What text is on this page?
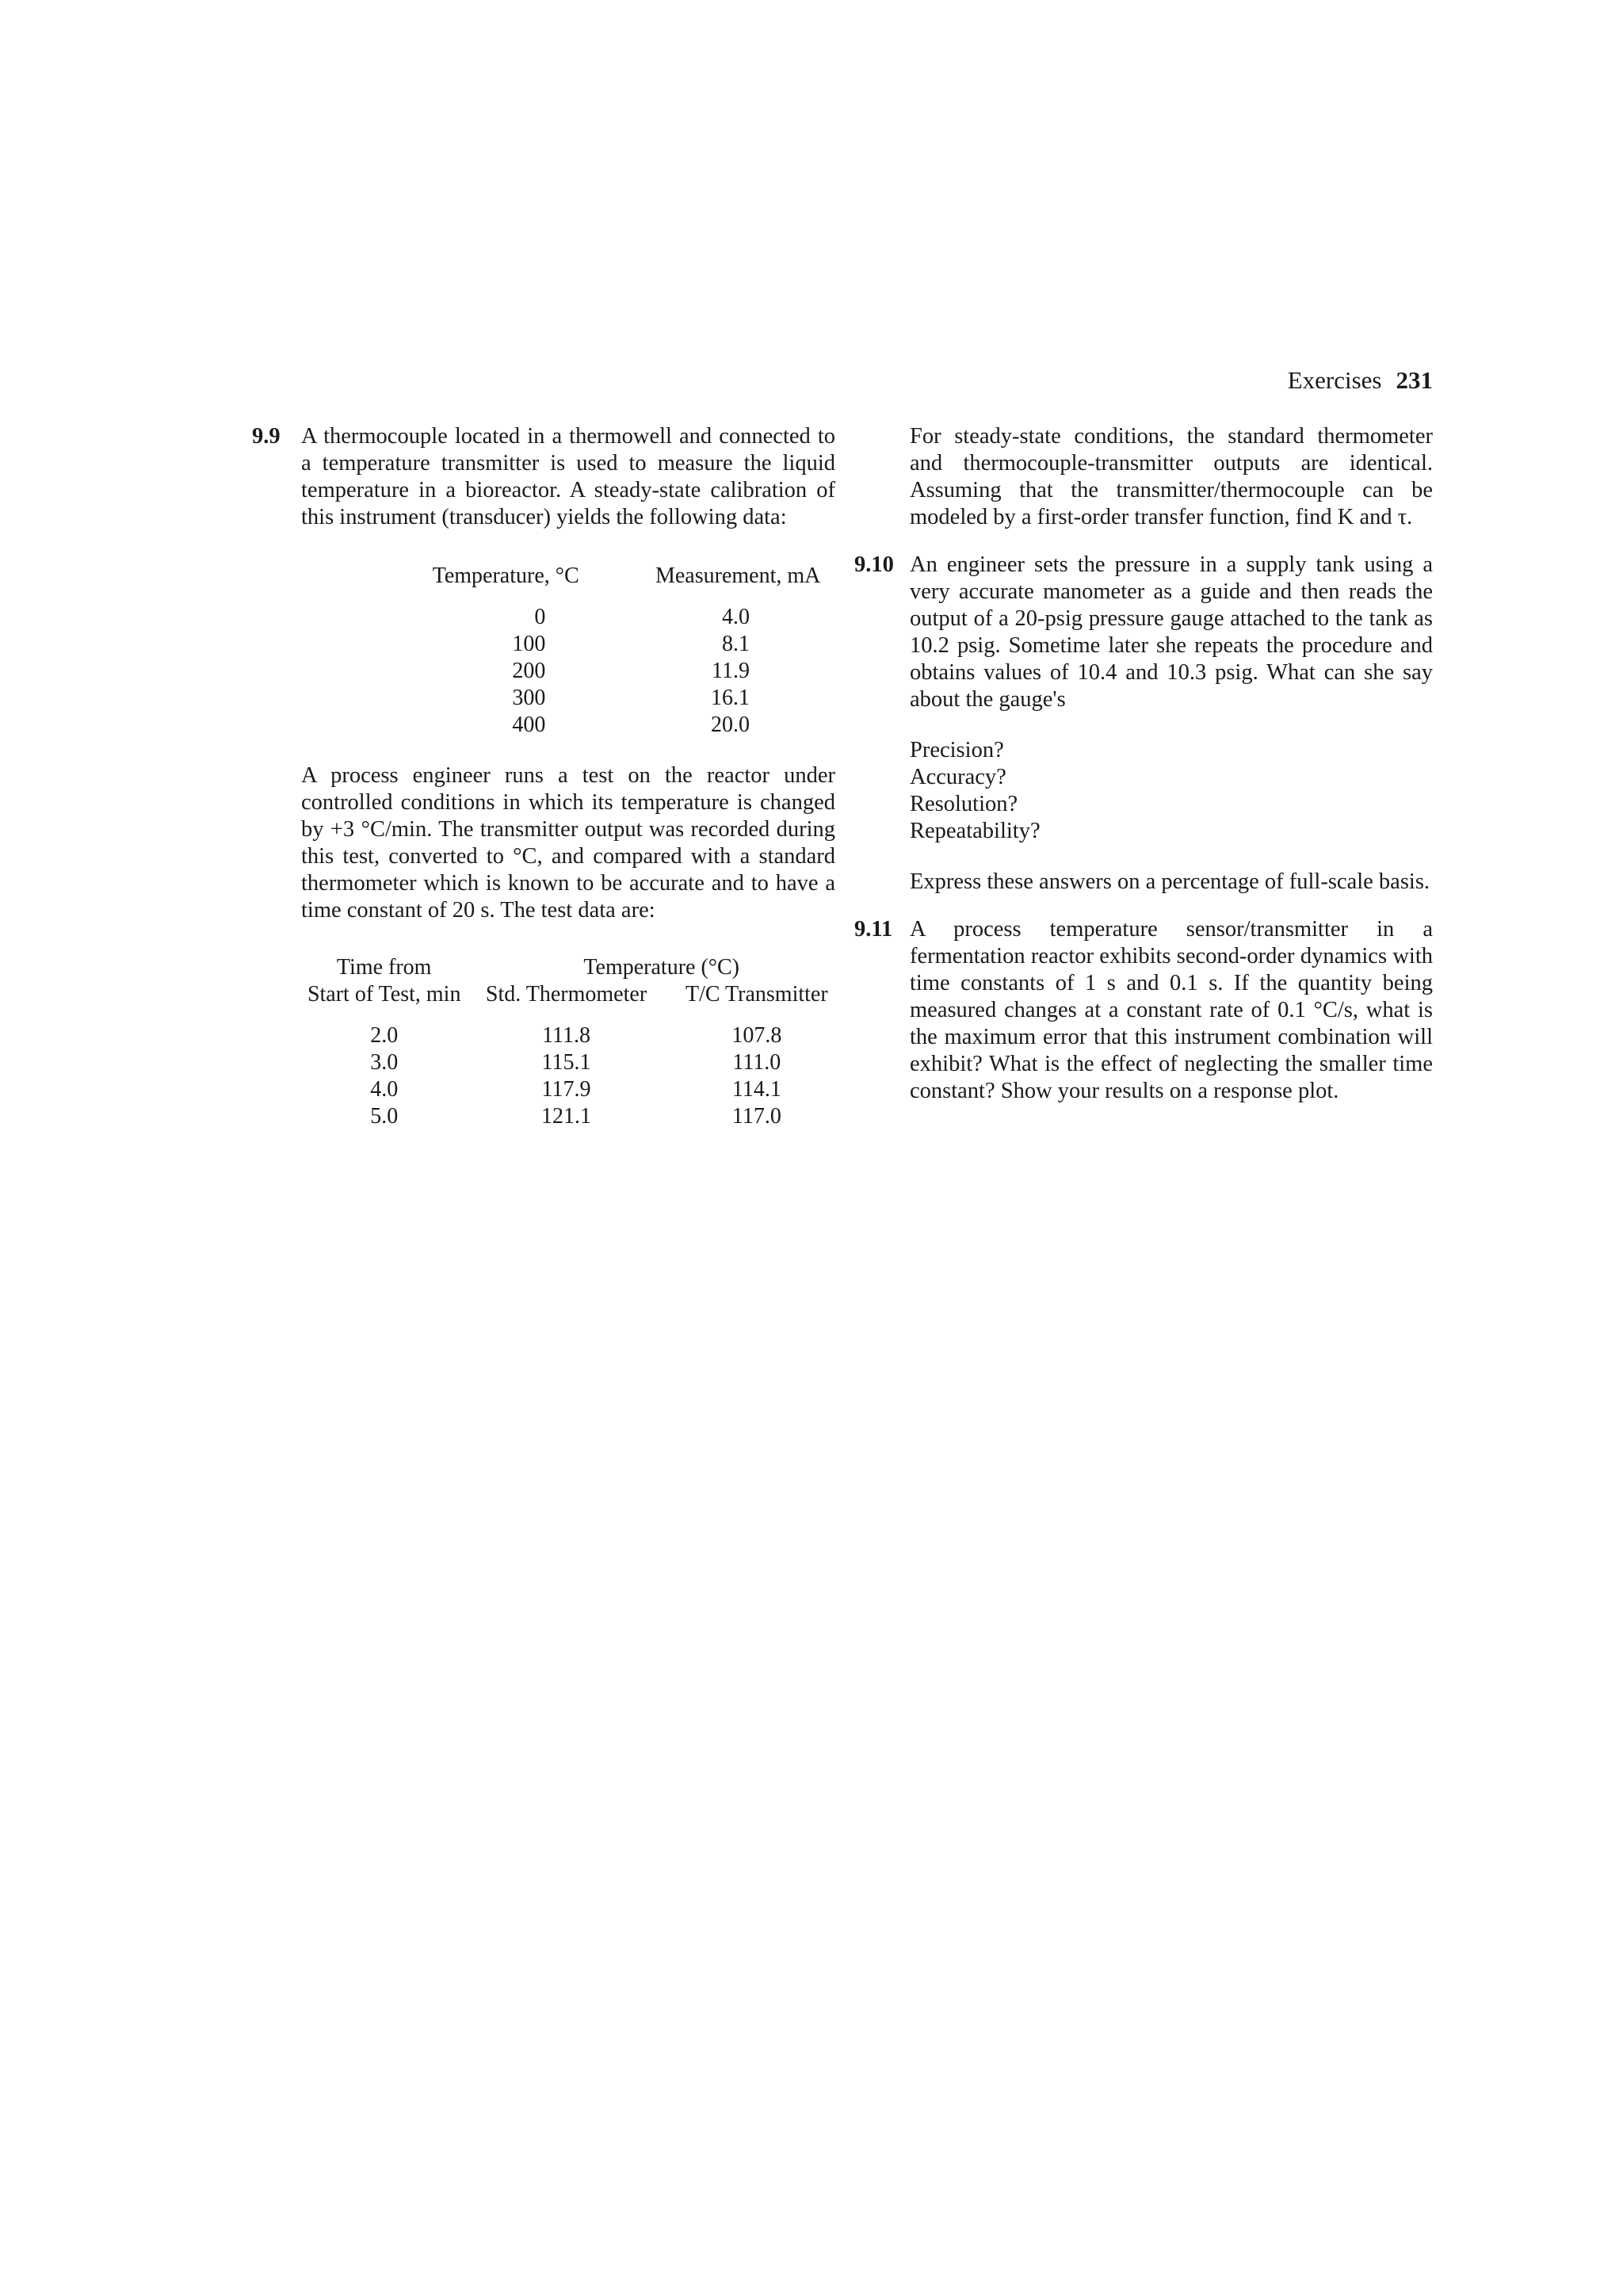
Exercises 231
9.9 A thermocouple located in a thermowell and connected to a temperature transmitter is used to measure the liquid temperature in a bioreactor. A steady-state calibration of this instrument (transducer) yields the following data:

Temperature, °C	Measurement, mA
0	4.0
100	8.1
200	11.9
300	16.1
400	20.0

A process engineer runs a test on the reactor under controlled conditions in which its temperature is changed by +3 °C/min. The transmitter output was recorded during this test, converted to °C, and compared with a standard thermometer which is known to be accurate and to have a time constant of 20 s. The test data are:

Time from	Temperature (°C)	
Start of Test, min	Std. Thermometer	T/C Transmitter

2.0	111.8	107.8
3.0	115.1	111.0
4.0	117.9	114.1
5.0	121.1	117.0

For steady-state conditions, the standard thermometer and thermocouple-transmitter outputs are identical. Assuming that the transmitter/thermocouple can be modeled by a first-order transfer function, find K and τ.

9.10 An engineer sets the pressure in a supply tank using a very accurate manometer as a guide and then reads the output of a 20-psig pressure gauge attached to the tank as 10.2 psig. Sometime later she repeats the procedure and obtains values of 10.4 and 10.3 psig. What can she say about the gauge's

Precision?
Accuracy?
Resolution?
Repeatability?

Express these answers on a percentage of full-scale basis.

9.11 A process temperature sensor/transmitter in a fermentation reactor exhibits second-order dynamics with time constants of 1 s and 0.1 s. If the quantity being measured changes at a constant rate of 0.1 °C/s, what is the maximum error that this instrument combination will exhibit? What is the effect of neglecting the smaller time constant? Show your results on a response plot.
